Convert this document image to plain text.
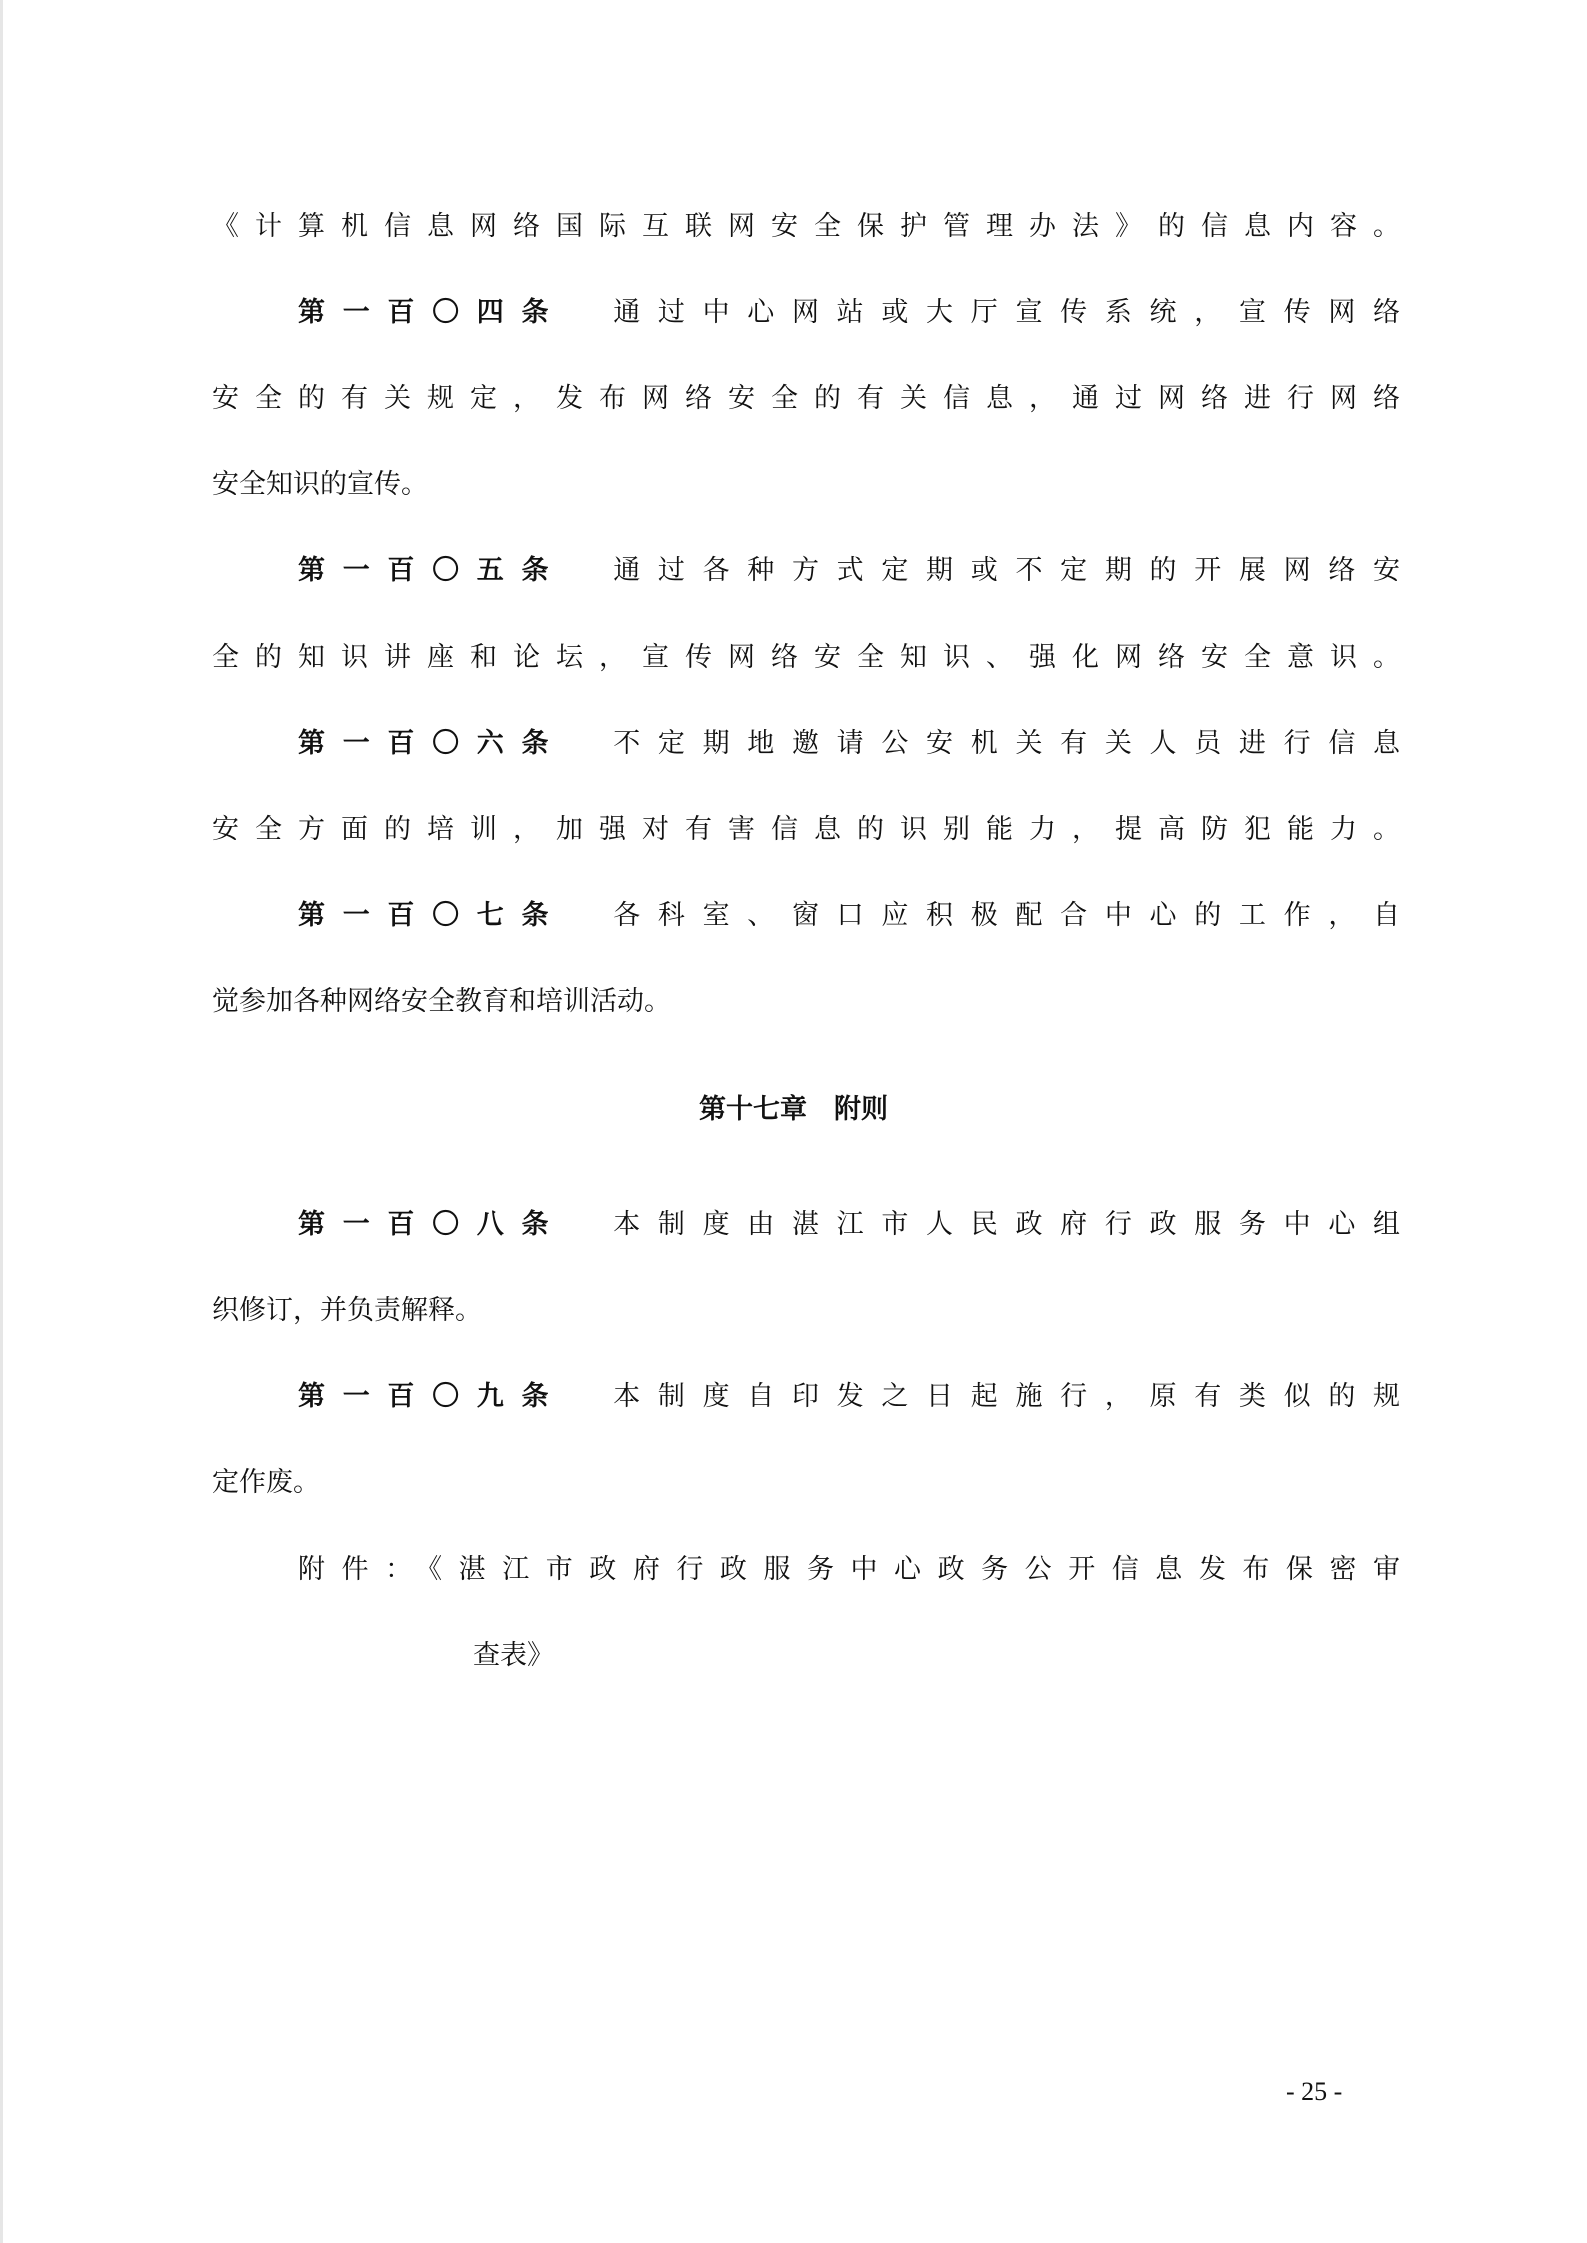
《计算机信息网络国际互联网安全保护管理办法》的信息内容。
第一百〇四条 通过中心网站或大厅宣传系统，宣传网络
安全的有关规定，发布网络安全的有关信息，通过网络进行网络
安全知识的宣传。
第一百〇五条 通过各种方式定期或不定期的开展网络安
全的知识讲座和论坛，宣传网络安全知识、强化网络安全意识。
第一百〇六条 不定期地邀请公安机关有关人员进行信息
安全方面的培训，加强对有害信息的识别能力，提高防犯能力。
第一百〇七条 各科室、窗口应积极配合中心的工作，自
觉参加各种网络安全教育和培训活动。
第十七章　附则
第一百〇八条 本制度由湛江市人民政府行政服务中心组
织修订，并负责解释。
第一百〇九条 本制度自印发之日起施行，原有类似的规
定作废。
附件：《湛江市政府行政服务中心政务公开信息发布保密审
查表》
- 25 -
